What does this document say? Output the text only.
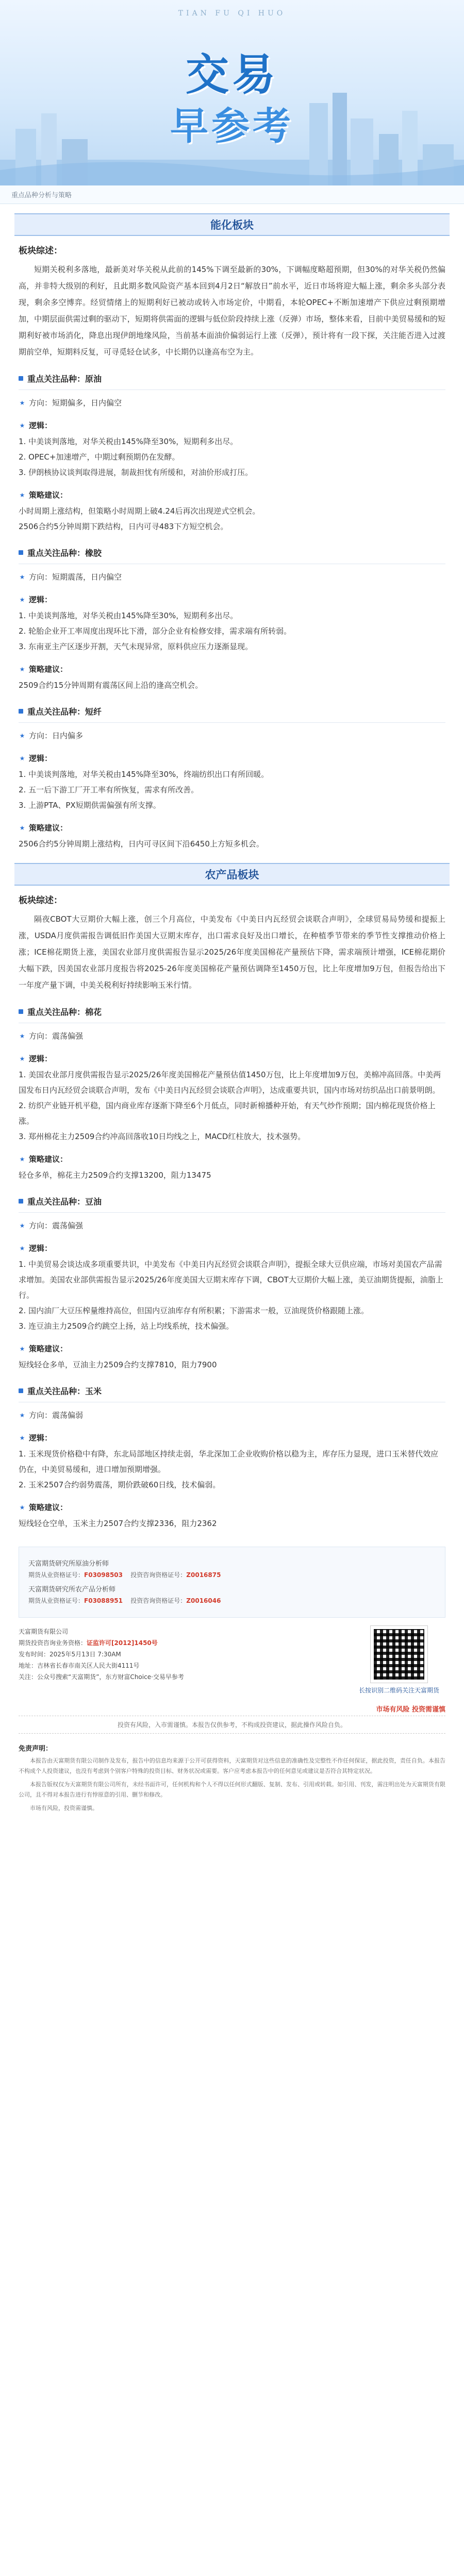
TIAN FU QI HUO
交易
早参考
重点品种分析与策略
能化板块
板块综述：
短期关税利多落地，最新美对华关税从此前的145%下调至最新的30%，下调幅度略超预期，但30%的对华关税仍然偏高，并非特大级别的利好，且此期多数风险资产基本回到4月2日“解放日”前水平，近日市场将迎大幅上涨，剩余多头部分表现，剩余多空博弈。经贸情绪上的短期利好已被动或转入市场定价，中期看，本轮OPEC+不断加速增产下供应过剩预期增加，中期层面供需过剩的驱动下，短期将供需面的逻辑与低位阶段持续上涨（反弹）市场，整体来看，目前中美贸易缓和的短期利好被市场消化，降息出现伊朗地缘风险，当前基本面油价偏弱运行上涨（反弹），预计将有一段下探，关注能否进入过渡期前空单，短期料反复，可寻觅轻仓试多，中长期仍以逢高布空为主。
重点关注品种：原油
★ 方向：短期偏多，日内偏空
★ 逻辑：
1. 中美谈判落地，对华关税由145%降至30%，短期利多出尽。
2. OPEC+加速增产，中期过剩预期仍在发酵。
3. 伊朗核协议谈判取得进展，制裁担忧有所缓和，对油价形成打压。
★ 策略建议：
小时周期上涨结构，但策略小时周期上破4.24后再次出现逆式空机会。
2506合约5分钟周期下跌结构，日内可寻483下方短空机会。
重点关注品种：橡胶
★ 方向：短期震荡，日内偏空
★ 逻辑：
1. 中美谈判落地，对华关税由145%降至30%，短期利多出尽。
2. 轮胎企业开工率周度出现环比下滑，部分企业有检修安排，需求端有所转弱。
3. 东南亚主产区逐步开割，天气未现异常，原料供应压力逐渐显现。
★ 策略建议：
2509合约15分钟周期有震荡区间上沿的逢高空机会。
重点关注品种：短纤
★ 方向：日内偏多
★ 逻辑：
1. 中美谈判落地，对华关税由145%降至30%，终端纺织出口有所回暖。
2. 五一后下游工厂开工率有所恢复，需求有所改善。
3. 上游PTA、PX短期供需偏强有所支撑。
★ 策略建议：
2506合约5分钟周期上涨结构，日内可寻区间下沿6450上方短多机会。
农产品板块
板块综述：
隔夜CBOT大豆期价大幅上涨，创三个月高位，中美发布《中美日内瓦经贸会谈联合声明》，全球贸易局势缓和提振上涨，USDA月度供需报告调低旧作美国大豆期末库存，出口需求良好及出口增长，在种植季节带来的季节性支撑推动价格上涨；ICE棉花期货上涨，美国农业部月度供需报告显示2025/26年度美国棉花产量预估下降，需求端预计增强，ICE棉花期价大幅下跌，因美国农业部月度报告将2025-26年度美国棉花产量预估调降至1450万包，比上年度增加9万包，但报告给出下一年度产量下调，中美关税利好持续影响玉米行情。
重点关注品种：棉花
★ 方向：震荡偏强
★ 逻辑：
1. 美国农业部月度供需报告显示2025/26年度美国棉花产量预估值1450万包，比上年度增加9万包，美棉冲高回落。中美两国发布日内瓦经贸会谈联合声明，发布《中美日内瓦经贸会谈联合声明》，达成重要共识，国内市场对纺织品出口前景明朗。
2. 纺织产业链开机平稳，国内商业库存逐渐下降至6个月低点，同时新棉播种开始，有天气炒作预期；国内棉花现货价格上涨。
3. 郑州棉花主力2509合约冲高回落收10日均线之上，MACD红柱放大，技术强势。
★ 策略建议：
轻仓多单，棉花主力2509合约支撑13200，阻力13475
重点关注品种：豆油
★ 方向：震荡偏强
★ 逻辑：
1. 中美贸易会谈达成多项重要共识，中美发布《中美日内瓦经贸会谈联合声明》，提振全球大豆供应端，市场对美国农产品需求增加。美国农业部供需报告显示2025/26年度美国大豆期末库存下调，CBOT大豆期价大幅上涨，美豆油期货提振，油脂上行。
2. 国内油厂大豆压榨量维持高位，但国内豆油库存有所积累；下游需求一般，豆油现货价格跟随上涨。
3. 连豆油主力2509合约跳空上扬，站上均线系统，技术偏强。
★ 策略建议：
短线轻仓多单，豆油主力2509合约支撑7810，阻力7900
重点关注品种：玉米
★ 方向：震荡偏弱
★ 逻辑：
1. 玉米现货价格稳中有降，东北局部地区持续走弱，华北深加工企业收购价格以稳为主，库存压力显现，进口玉米替代效应仍在，中美贸易缓和，进口增加预期增强。
2. 玉米2507合约弱势震荡，期价跌破60日线，技术偏弱。
★ 策略建议：
短线轻仓空单，玉米主力2507合约支撑2336，阻力2362
天富期货研究所原油分析师
期货从业资格证号：F03098503 投资咨询资格证号：Z0016875
天富期货研究所农产品分析师
期货从业资格证号：F03088951 投资咨询资格证号：Z0016046
天富期货有限公司
期货投资咨询业务资格：证监许可[2012]1450号
发布时间：2025年5月13日 7:30AM
地址：吉林省长春市南关区人民大街4111号
关注：公众号搜索“天富期货”，东方财富Choice·交易早参考
长按识别二维码关注天富期货
市场有风险 投资需谨慎
投资有风险，入市需谨慎。本报告仅供参考，不构成投资建议，据此操作风险自负。
免责声明：
本报告由天富期货有限公司制作及发布，报告中的信息均来源于公开可获得资料，天富期货对这些信息的准确性及完整性不作任何保证，据此投资，责任自负。本报告不构成个人投资建议，也没有考虑到个别客户特殊的投资目标、财务状况或需要。客户应考虑本报告中的任何意见或建议是否符合其特定状况。
本报告版权仅为天富期货有限公司所有，未经书面许可，任何机构和个人不得以任何形式翻版、复制、发布、引用或转载。如引用、刊发，需注明出处为天富期货有限公司，且不得对本报告进行有悖原意的引用、删节和修改。
市场有风险，投资需谨慎。
